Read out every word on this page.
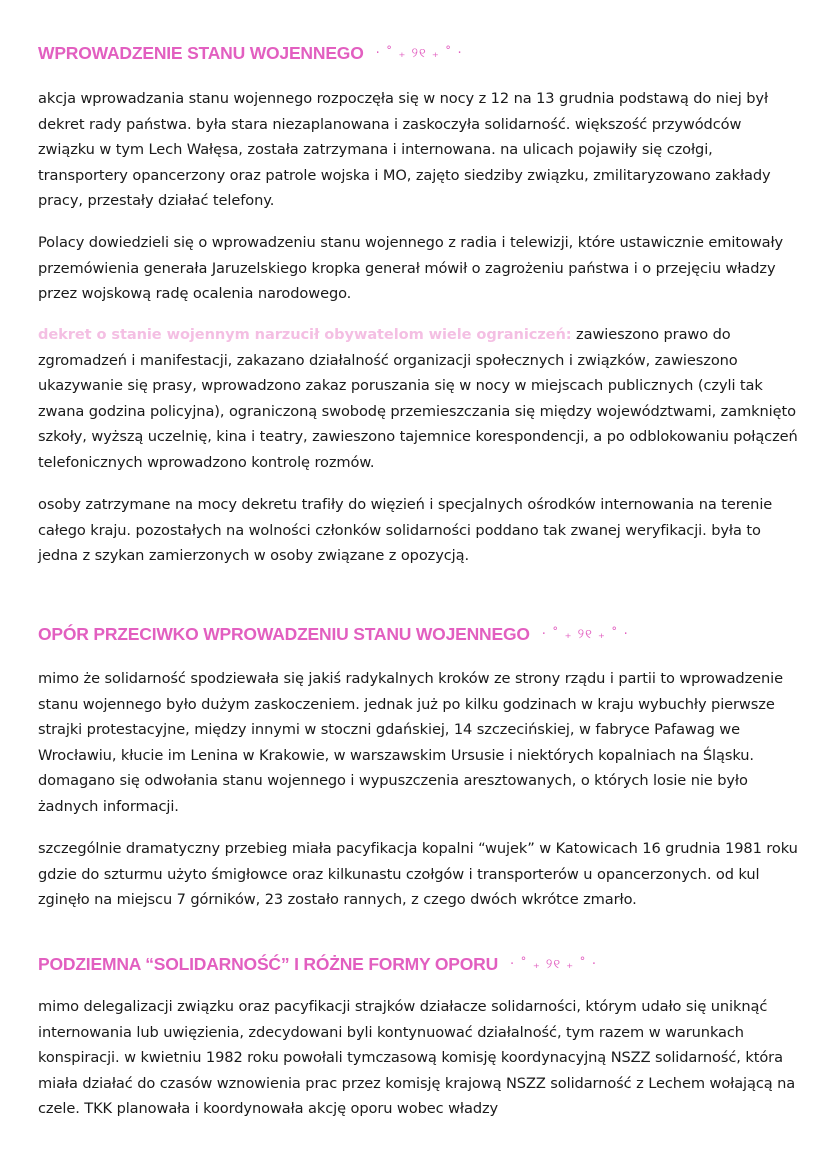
WPROWADZENIE STANU WOJENNEGO · ˚ ₊ ୨୧ ₊ ˚ ·

akcja wprowadzania stanu wojennego rozpoczęła się w nocy z 12 na 13 grudnia podstawą do niej był dekret rady państwa. była stara niezaplanowana i zaskoczyła solidarność. większość przywódców związku w tym Lech Wałęsa, została zatrzymana i internowana. na ulicach pojawiły się czołgi, transportery opancerzony oraz patrole wojska i MO, zajęto siedziby związku, zmilitaryzowano zakłady pracy, przestały działać telefony.

Polacy dowiedzieli się o wprowadzeniu stanu wojennego z radia i telewizji, które ustawicznie emitowały przemówienia generała Jaruzelskiego kropka generał mówił o zagrożeniu państwa i o przejęciu władzy przez wojskową radę ocalenia narodowego.

dekret o stanie wojennym narzucił obywatelom wiele ograniczeń: zawieszono prawo do zgromadzeń i manifestacji, zakazano działalność organizacji społecznych i związków, zawieszono ukazywanie się prasy, wprowadzono zakaz poruszania się w nocy w miejscach publicznych (czyli tak zwana godzina policyjna), ograniczoną swobodę przemieszczania się między województwami, zamknięto szkoły, wyższą uczelnię, kina i teatry, zawieszono tajemnice korespondencji, a po odblokowaniu połączeń telefonicznych wprowadzono kontrolę rozmów.

osoby zatrzymane na mocy dekretu trafiły do więzień i specjalnych ośrodków internowania na terenie całego kraju. pozostałych na wolności członków solidarności poddano tak zwanej weryfikacji. była to jedna z szykan zamierzonych w osoby związane z opozycją.

OPÓR PRZECIWKO WPROWADZENIU STANU WOJENNEGO · ˚ ₊ ୨୧ ₊ ˚ ·

mimo że solidarność spodziewała się jakiś radykalnych kroków ze strony rządu i partii to wprowadzenie stanu wojennego było dużym zaskoczeniem. jednak już po kilku godzinach w kraju wybuchły pierwsze strajki protestacyjne, między innymi w stoczni gdańskiej, 14 szczecińskiej, w fabryce Pafawag we Wrocławiu, kłucie im Lenina w Krakowie, w warszawskim Ursusie i niektórych kopalniach na Śląsku. domagano się odwołania stanu wojennego i wypuszczenia aresztowanych, o których losie nie było żadnych informacji.

szczególnie dramatyczny przebieg miała pacyfikacja kopalni “wujek” w Katowicach 16 grudnia 1981 roku gdzie do szturmu użyto śmigłowce oraz kilkunastu czołgów i transporterów u opancerzonych. od kul zginęło na miejscu 7 górników, 23 zostało rannych, z czego dwóch wkrótce zmarło.

PODZIEMNA “SOLIDARNOŚĆ” I RÓŻNE FORMY OPORU · ˚ ₊ ୨୧ ₊ ˚ ·

mimo delegalizacji związku oraz pacyfikacji strajków działacze solidarności, którym udało się uniknąć internowania lub uwięzienia, zdecydowani byli kontynuować działalność, tym razem w warunkach konspiracji. w kwietniu 1982 roku powołali tymczasową komisję koordynacyjną NSZZ solidarność, która miała działać do czasów wznowienia prac przez komisję krajową NSZZ solidarność z Lechem wołającą na czele. TKK planowała i koordynowała akcję oporu wobec władzy
